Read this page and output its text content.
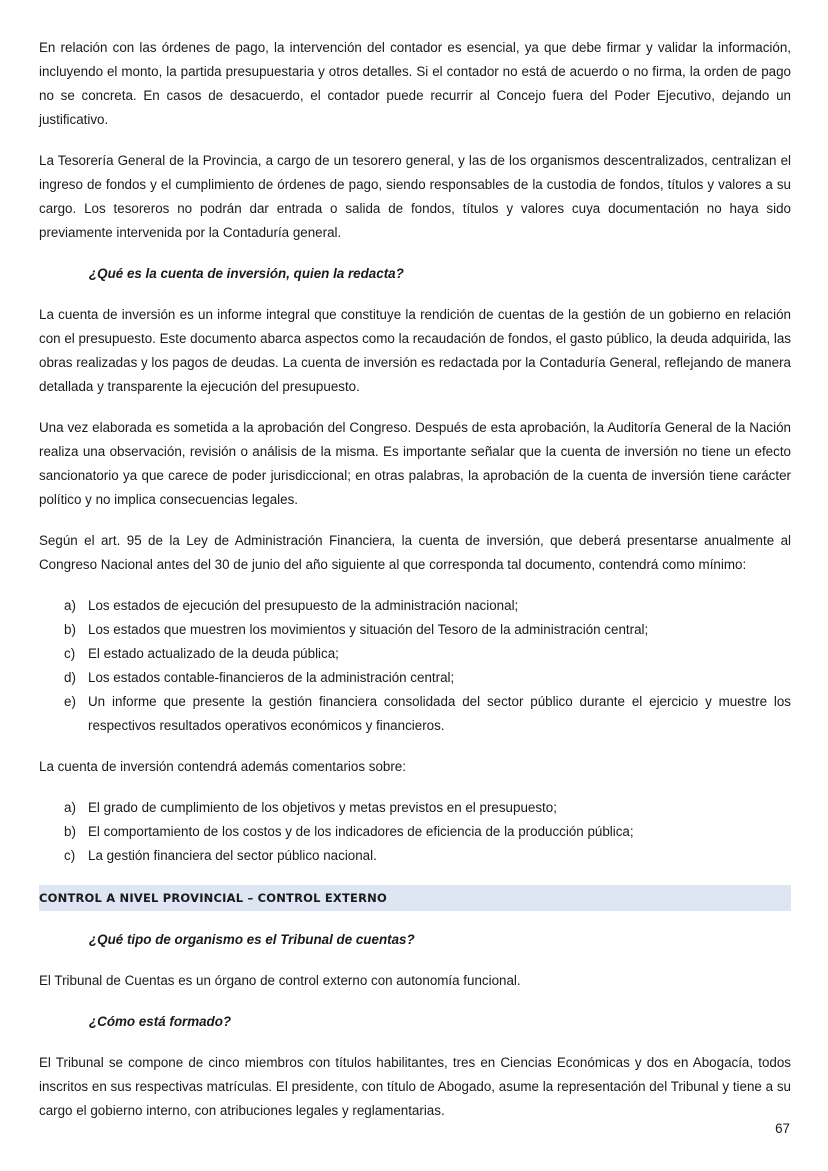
En relación con las órdenes de pago, la intervención del contador es esencial, ya que debe firmar y validar la información, incluyendo el monto, la partida presupuestaria y otros detalles. Si el contador no está de acuerdo o no firma, la orden de pago no se concreta. En casos de desacuerdo, el contador puede recurrir al Concejo fuera del Poder Ejecutivo, dejando un justificativo.

La Tesorería General de la Provincia, a cargo de un tesorero general, y las de los organismos descentralizados, centralizan el ingreso de fondos y el cumplimiento de órdenes de pago, siendo responsables de la custodia de fondos, títulos y valores a su cargo. Los tesoreros no podrán dar entrada o salida de fondos, títulos y valores cuya documentación no haya sido previamente intervenida por la Contaduría general.

¿Qué es la cuenta de inversión, quien la redacta?

La cuenta de inversión es un informe integral que constituye la rendición de cuentas de la gestión de un gobierno en relación con el presupuesto. Este documento abarca aspectos como la recaudación de fondos, el gasto público, la deuda adquirida, las obras realizadas y los pagos de deudas. La cuenta de inversión es redactada por la Contaduría General, reflejando de manera detallada y transparente la ejecución del presupuesto.

Una vez elaborada es sometida a la aprobación del Congreso. Después de esta aprobación, la Auditoría General de la Nación realiza una observación, revisión o análisis de la misma. Es importante señalar que la cuenta de inversión no tiene un efecto sancionatorio ya que carece de poder jurisdiccional; en otras palabras, la aprobación de la cuenta de inversión tiene carácter político y no implica consecuencias legales.

Según el art. 95 de la Ley de Administración Financiera, la cuenta de inversión, que deberá presentarse anualmente al Congreso Nacional antes del 30 de junio del año siguiente al que corresponda tal documento, contendrá como mínimo:

a) Los estados de ejecución del presupuesto de la administración nacional;
b) Los estados que muestren los movimientos y situación del Tesoro de la administración central;
c) El estado actualizado de la deuda pública;
d) Los estados contable-financieros de la administración central;
e) Un informe que presente la gestión financiera consolidada del sector público durante el ejercicio y muestre los respectivos resultados operativos económicos y financieros.

La cuenta de inversión contendrá además comentarios sobre:

a) El grado de cumplimiento de los objetivos y metas previstos en el presupuesto;
b) El comportamiento de los costos y de los indicadores de eficiencia de la producción pública;
c) La gestión financiera del sector público nacional.
CONTROL A NIVEL PROVINCIAL – CONTROL EXTERNO

¿Qué tipo de organismo es el Tribunal de cuentas?

El Tribunal de Cuentas es un órgano de control externo con autonomía funcional.

¿Cómo está formado?

El Tribunal se compone de cinco miembros con títulos habilitantes, tres en Ciencias Económicas y dos en Abogacía, todos inscritos en sus respectivas matrículas. El presidente, con título de Abogado, asume la representación del Tribunal y tiene a su cargo el gobierno interno, con atribuciones legales y reglamentarias.

67
